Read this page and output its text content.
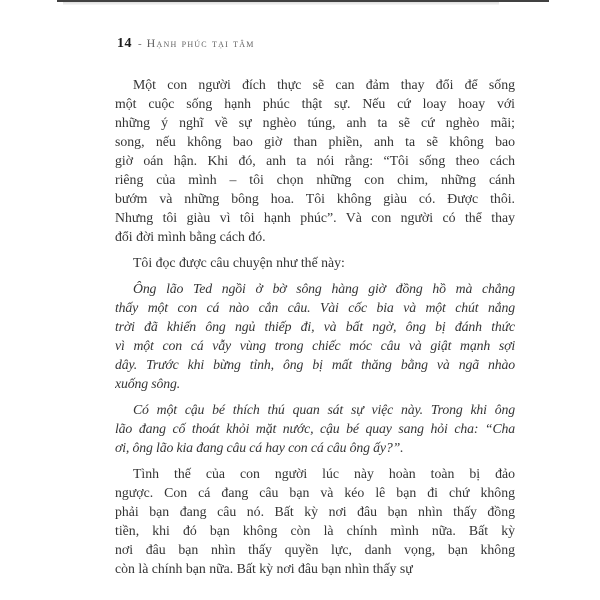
14 - Hạnh phúc tại tâm
Một con người đích thực sẽ can đảm thay đổi để sống
một cuộc sống hạnh phúc thật sự. Nếu cứ loay hoay với
những ý nghĩ về sự nghèo túng, anh ta sẽ cứ nghèo mãi;
song, nếu không bao giờ than phiền, anh ta sẽ không bao
giờ oán hận. Khi đó, anh ta nói rằng: “Tôi sống theo cách
riêng của mình – tôi chọn những con chim, những cánh
bướm và những bông hoa. Tôi không giàu có. Được thôi.
Nhưng tôi giàu vì tôi hạnh phúc”. Và con người có thể thay
đổi đời mình bằng cách đó.
Tôi đọc được câu chuyện như thế này:
Ông lão Ted ngồi ở bờ sông hàng giờ đồng hồ mà chẳng
thấy một con cá nào cắn câu. Vài cốc bia và một chút nắng
trời đã khiến ông ngủ thiếp đi, và bất ngờ, ông bị đánh thức
vì một con cá vẫy vùng trong chiếc móc câu và giật mạnh sợi
dây. Trước khi bừng tỉnh, ông bị mất thăng bằng và ngã nhào
xuống sông.
Có một cậu bé thích thú quan sát sự việc này. Trong khi ông
lão đang cố thoát khỏi mặt nước, cậu bé quay sang hỏi cha: “Cha
ơi, ông lão kia đang câu cá hay con cá câu ông ấy?”.
Tình thế của con người lúc này hoàn toàn bị đảo
ngược. Con cá đang câu bạn và kéo lê bạn đi chứ không
phải bạn đang câu nó. Bất kỳ nơi đâu bạn nhìn thấy đồng
tiền, khi đó bạn không còn là chính mình nữa. Bất kỳ
nơi đâu bạn nhìn thấy quyền lực, danh vọng, bạn không
còn là chính bạn nữa. Bất kỳ nơi đâu bạn nhìn thấy sự
